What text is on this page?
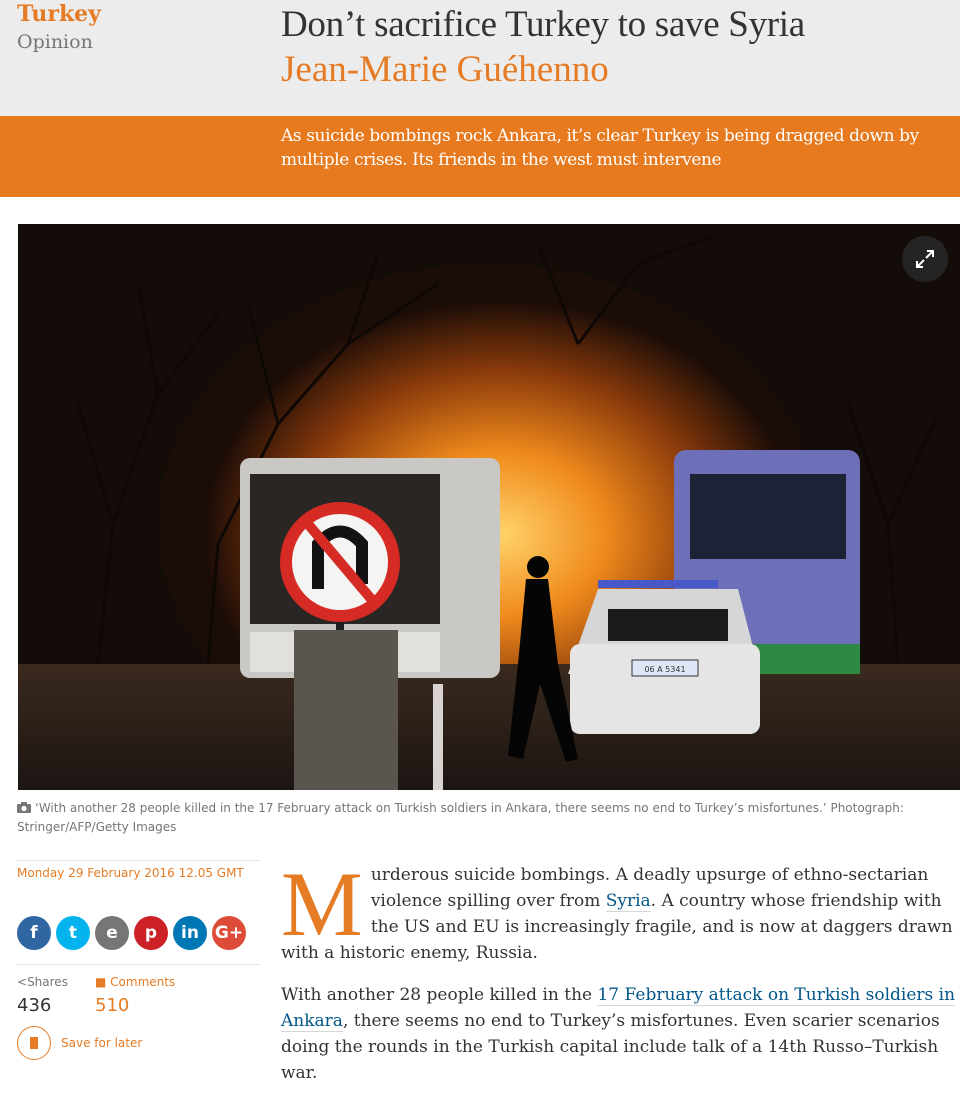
Turkey
Opinion	Don’t sacrifice Turkey to save Syria
Jean-Marie Guéhenno
As suicide bombings rock Ankara, it’s clear Turkey is being dragged down by
multiple crises. Its friends in the west must intervene
06 A 5341
‘With another 28 people killed in the 17 February attack on Turkish soldiers in Ankara, there seems no end to Turkey’s misfortunes.’ Photograph:
Stringer/AFP/Getty Images
Monday 29 February 2016 12.05 GMT
f	t	e	p	in G+
<Shares
436
■ Comments
510
Save for later

Murderous suicide bombings. A deadly upsurge of ethno-sectarian violence spilling over from Syria. A country whose friendship with the US and EU is increasingly fragile, and is now at daggers drawn with a historic enemy, Russia.

With another 28 people killed in the 17 February attack on Turkish soldiers in Ankara, there seems no end to Turkey’s misfortunes. Even scarier scenarios doing the rounds in the Turkish capital include talk of a 14th Russo–Turkish war.
